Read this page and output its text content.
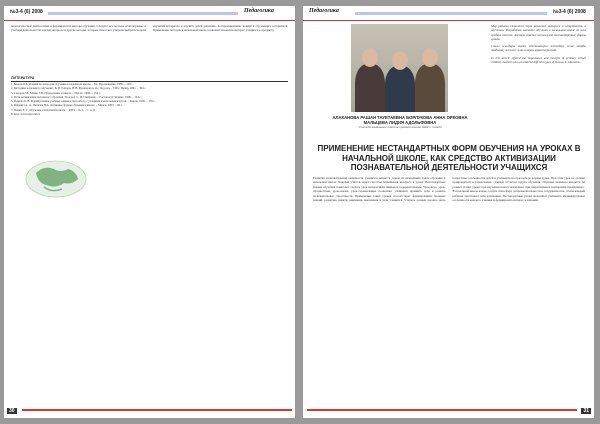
№3-4 (6) 2008	Педагогика
педагогической диагностики и формируются методы обучения. Следуют все методы используемые в учебной деятельности: задачи, вопросы и другие методы, которые помогают учителю выбрать модели изучения материала и научить детей решению, воспроизведению знаний и обучающих алгоритмов. Применение методов в начальной школе позволяет повысить интерес учащихся к предмету.
ЛИТЕРАТУРА
1. Бинова Б.Б. Очерки по вопросам обучения в начальной школе. – М.: Просвещение, 1985. – 228 с.
2. Методика начального обучения / Б. П. Есипов, Н. В. Кузнецова и др.; Под ред. – СПб.: Питер, 2001. – 304 с.
3. Сидоров М., Манко Т.В. Образование и школа. – Изд-во, 1986. – 164 с.
4. Пути активизации начального обучения / Под ред. С. И. Смирнова. – Ростов н/Д: Феникс, 1996. – 144 с.
5. Рыжова Е. В. Формирование учебных навыков при работе с учащимися начальных классов. – Киров, 1995. – 156 с.
6. Янцевич А. А., Яковлев Н.А. Активные формы обучения в школе. – Минск, 2003. – 96 с.
7. Пенин Е. С. Обучение в начальной школе. – 2003. – № 1. – С. 4-11.
8. http://www.nsportal.ru
30
Педагогика	№3-4 (6) 2008
АЛАКАНОВА РАШАН ТАУЕТАЕВНА БОРЛУКОВА АННА ОРКОВНА МАЛЬЦЕВА ЛИДИЯ АДОЛЬФОВНА
Учителя начальных классов средней школы №69 г. Семей

Мир работы строится через развитие интереса и потребность к обучению. Разработка методов обучения в начальной школе во всех средних классах. Авторы статьи используют нестандартные формы уроков.

Соңғы жылдары оқыту әдістемелерін жетілдіру және оларды пайдалану мәселесі жан-жақты қарастырылуда.

In this article offered the importance and benefits of primary school children. Authors also considered different types of lessons in education.

ПРИМЕНЕНИЕ НЕСТАНДАРТНЫХ ФОРМ ОБУЧЕНИЯ НА УРОКАХ В НАЧАЛЬНОЙ ШКОЛЕ, КАК СРЕДСТВО АКТИВИЗАЦИИ ПОЗНАВАТЕЛЬНОЙ ДЕЯТЕЛЬНОСТИ УЧАЩИХСЯ
Развитие познавательной активности учащихся является одной из важнейших задач обучения в начальной школе. Каждый учитель ищет способы повышения интереса к уроку. Нестандартные формы обучения помогают сделать урок интересным, живым и содержательным. Урок-игра, урок-путешествие, урок-сказка, урок-соревнование позволяют учащимся проявить себя и развить познавательные способности. Применение таких уроков способствует формированию прочных знаний, развитию памяти, внимания, мышления и речи учащихся. Учитель должен хорошо знать возрастные особенности детей и учитывать их при выборе формы урока. При этом урок не должен превращаться в развлечение, главной остаётся задача обучения. Игровые моменты вводятся на разных этапах урока: при изучении нового материала, при закреплении и повторении пройденного. В начальной школе важно создать атмосферу доброжелательности и сотрудничества, чтобы каждый ребёнок чувствовал себя успешным. Нестандартные уроки позволяют учитывать индивидуальные особенности каждого ученика и формировать интерес к знаниям.
31
